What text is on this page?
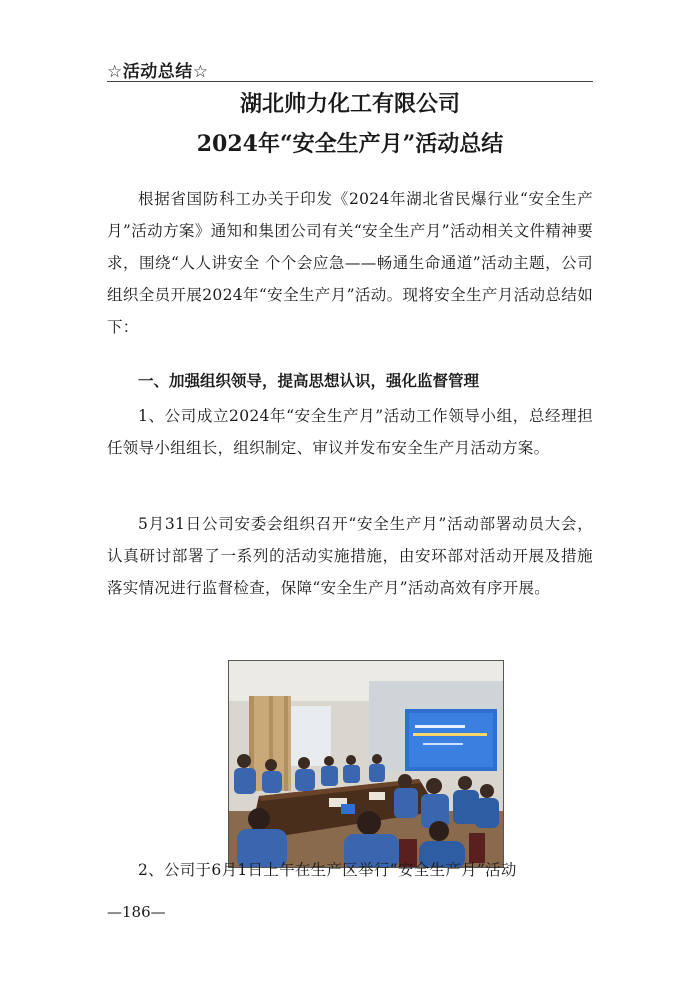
☆活动总结☆
湖北帅力化工有限公司
2024年“安全生产月”活动总结
根据省国防科工办关于印发《2024年湖北省民爆行业“安全生产月”活动方案》通知和集团公司有关“安全生产月”活动相关文件精神要求，围绕“人人讲安全 个个会应急——畅通生命通道”活动主题，公司组织全员开展2024年“安全生产月”活动。现将安全生产月活动总结如下：
一、加强组织领导，提高思想认识，强化监督管理
1、公司成立2024年“安全生产月”活动工作领导小组，总经理担任领导小组组长，组织制定、审议并发布安全生产月活动方案。
5月31日公司安委会组织召开“安全生产月”活动部署动员大会，认真研讨部署了一系列的活动实施措施，由安环部对活动开展及措施落实情况进行监督检查，保障“安全生产月”活动高效有序开展。
2、公司于6月1日上午在生产区举行“安全生产月”活动
—186—
